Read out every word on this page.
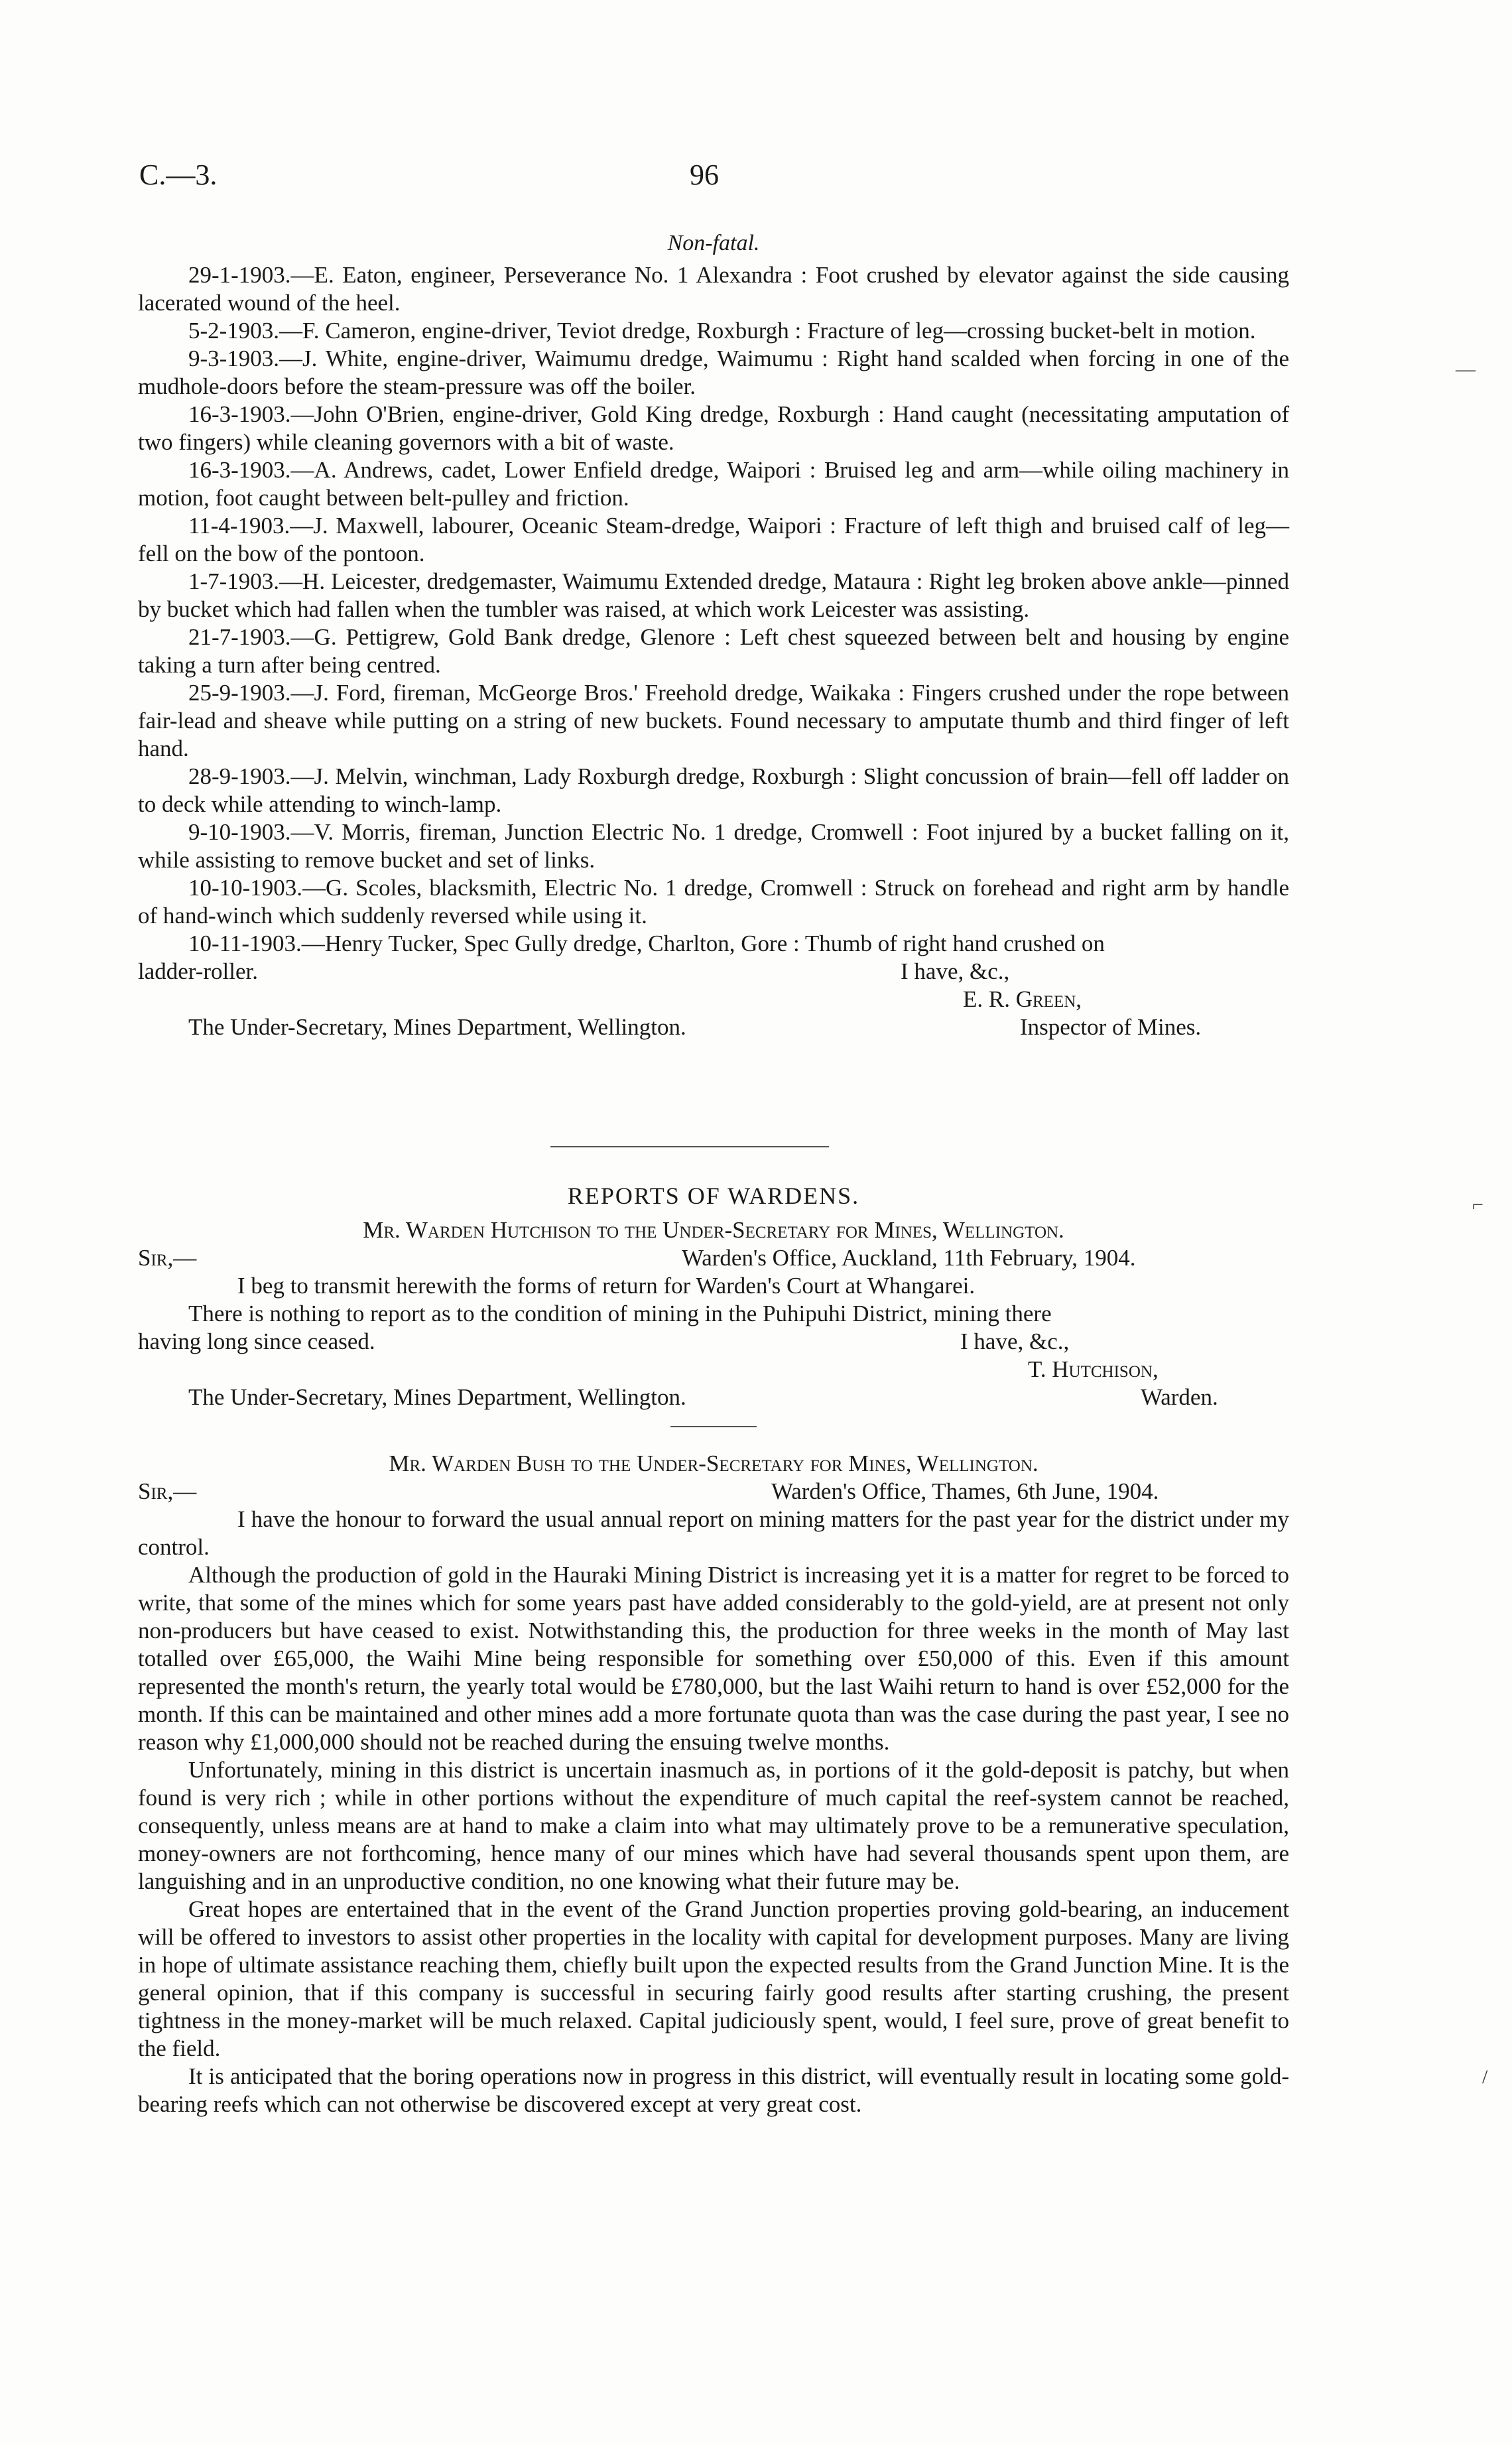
C.—3.	96
Non-fatal.

29-1-1903.—E. Eaton, engineer, Perseverance No. 1 Alexandra : Foot crushed by elevator against the side causing lacerated wound of the heel.

5-2-1903.—F. Cameron, engine-driver, Teviot dredge, Roxburgh : Fracture of leg—crossing bucket-belt in motion.

9-3-1903.—J. White, engine-driver, Waimumu dredge, Waimumu : Right hand scalded when forcing in one of the mudhole-doors before the steam-pressure was off the boiler.

16-3-1903.—John O'Brien, engine-driver, Gold King dredge, Roxburgh : Hand caught (necessitating amputation of two fingers) while cleaning governors with a bit of waste.

16-3-1903.—A. Andrews, cadet, Lower Enfield dredge, Waipori : Bruised leg and arm—while oiling machinery in motion, foot caught between belt-pulley and friction.

11-4-1903.—J. Maxwell, labourer, Oceanic Steam-dredge, Waipori : Fracture of left thigh and bruised calf of leg—fell on the bow of the pontoon.

1-7-1903.—H. Leicester, dredgemaster, Waimumu Extended dredge, Mataura : Right leg broken above ankle—pinned by bucket which had fallen when the tumbler was raised, at which work Leicester was assisting.

21-7-1903.—G. Pettigrew, Gold Bank dredge, Glenore : Left chest squeezed between belt and housing by engine taking a turn after being centred.

25-9-1903.—J. Ford, fireman, McGeorge Bros.' Freehold dredge, Waikaka : Fingers crushed under the rope between fair-lead and sheave while putting on a string of new buckets. Found necessary to amputate thumb and third finger of left hand.

28-9-1903.—J. Melvin, winchman, Lady Roxburgh dredge, Roxburgh : Slight concussion of brain—fell off ladder on to deck while attending to winch-lamp.

9-10-1903.—V. Morris, fireman, Junction Electric No. 1 dredge, Cromwell : Foot injured by a bucket falling on it, while assisting to remove bucket and set of links.

10-10-1903.—G. Scoles, blacksmith, Electric No. 1 dredge, Cromwell : Struck on forehead and right arm by handle of hand-winch which suddenly reversed while using it.

10-11-1903.—Henry Tucker, Spec Gully dredge, Charlton, Gore : Thumb of right hand crushed on

ladder-roller.	I have, &c.,
E. R. Green,
The Under-Secretary, Mines Department, Wellington.	Inspector of Mines.
REPORTS OF WARDENS.
Mr. Warden Hutchison to the Under-Secretary for Mines, Wellington.
Sir,—	Warden's Office, Auckland, 11th February, 1904.

I beg to transmit herewith the forms of return for Warden's Court at Whangarei.

There is nothing to report as to the condition of mining in the Puhipuhi District, mining there

having long since ceased.	I have, &c.,
T. Hutchison,
The Under-Secretary, Mines Department, Wellington.	Warden.
Mr. Warden Bush to the Under-Secretary for Mines, Wellington.
Sir,—	Warden's Office, Thames, 6th June, 1904.

I have the honour to forward the usual annual report on mining matters for the past year for the district under my control.

Although the production of gold in the Hauraki Mining District is increasing yet it is a matter for regret to be forced to write, that some of the mines which for some years past have added considerably to the gold-yield, are at present not only non-producers but have ceased to exist. Notwithstanding this, the production for three weeks in the month of May last totalled over £65,000, the Waihi Mine being responsible for something over £50,000 of this. Even if this amount represented the month's return, the yearly total would be £780,000, but the last Waihi return to hand is over £52,000 for the month. If this can be maintained and other mines add a more fortunate quota than was the case during the past year, I see no reason why £1,000,000 should not be reached during the ensuing twelve months.

Unfortunately, mining in this district is uncertain inasmuch as, in portions of it the gold-deposit is patchy, but when found is very rich ; while in other portions without the expenditure of much capital the reef-system cannot be reached, consequently, unless means are at hand to make a claim into what may ultimately prove to be a remunerative speculation, money-owners are not forthcoming, hence many of our mines which have had several thousands spent upon them, are languishing and in an unproductive condition, no one knowing what their future may be.

Great hopes are entertained that in the event of the Grand Junction properties proving gold-bearing, an inducement will be offered to investors to assist other properties in the locality with capital for development purposes. Many are living in hope of ultimate assistance reaching them, chiefly built upon the expected results from the Grand Junction Mine. It is the general opinion, that if this company is successful in securing fairly good results after starting crushing, the present tightness in the money-market will be much relaxed. Capital judiciously spent, would, I feel sure, prove of great benefit to the field.

It is anticipated that the boring operations now in progress in this district, will eventually result in locating some gold-bearing reefs which can not otherwise be discovered except at very great cost.

—
⌐
/
